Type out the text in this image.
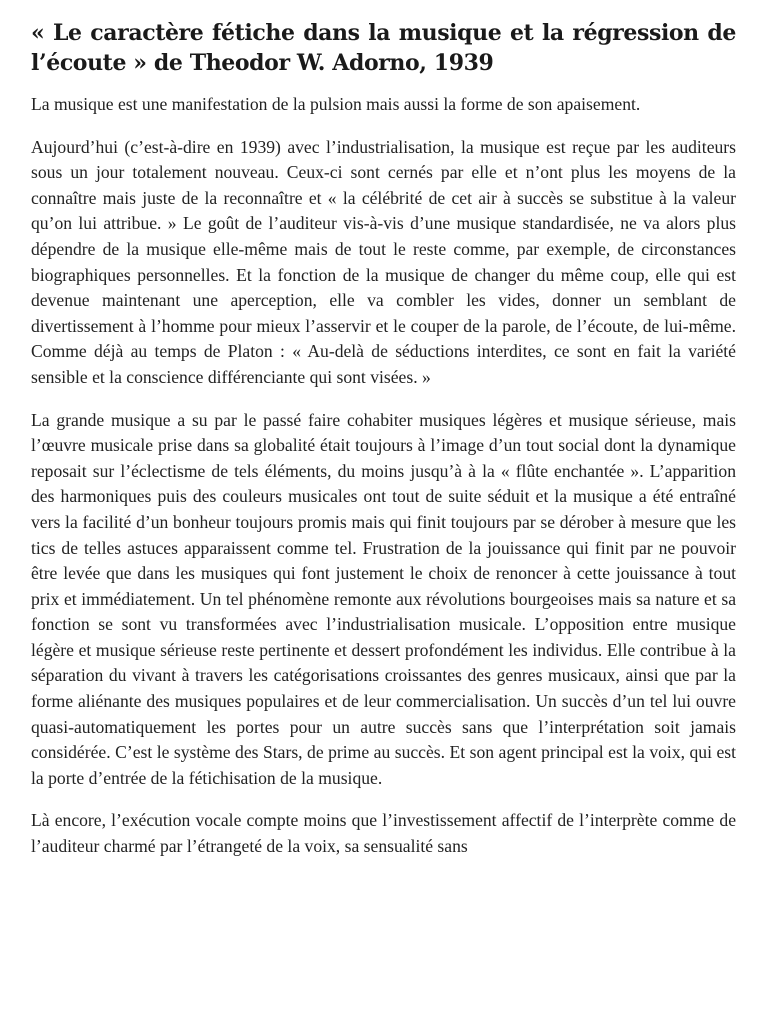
« Le caractère fétiche dans la musique et la régression de l’écoute » de Theodor W. Adorno, 1939

La musique est une manifestation de la pulsion mais aussi la forme de son apaisement.

Aujourd’hui (c’est-à-dire en 1939) avec l’industrialisation, la musique est reçue par les auditeurs sous un jour totalement nouveau. Ceux-ci sont cernés par elle et n’ont plus les moyens de la connaître mais juste de la reconnaître et « la célébrité de cet air à succès se substitue à la valeur qu’on lui attribue. » Le goût de l’auditeur vis-à-vis d’une musique standardisée, ne va alors plus dépendre de la musique elle-même mais de tout le reste comme, par exemple, de circonstances biographiques personnelles. Et la fonction de la musique de changer du même coup, elle qui est devenue maintenant une aperception, elle va combler les vides, donner un semblant de divertissement à l’homme pour mieux l’asservir et le couper de la parole, de l’écoute, de lui-même. Comme déjà au temps de Platon : « Au-delà de séductions interdites, ce sont en fait la variété sensible et la conscience différenciante qui sont visées. »

La grande musique a su par le passé faire cohabiter musiques légères et musique sérieuse, mais l’œuvre musicale prise dans sa globalité était toujours à l’image d’un tout social dont la dynamique reposait sur l’éclectisme de tels éléments, du moins jusqu’à à la « flûte enchantée ». L’apparition des harmoniques puis des couleurs musicales ont tout de suite séduit et la musique a été entraîné vers la facilité d’un bonheur toujours promis mais qui finit toujours par se dérober à mesure que les tics de telles astuces apparaissent comme tel. Frustration de la jouissance qui finit par ne pouvoir être levée que dans les musiques qui font justement le choix de renoncer à cette jouissance à tout prix et immédiatement. Un tel phénomène remonte aux révolutions bourgeoises mais sa nature et sa fonction se sont vu transformées avec l’industrialisation musicale. L’opposition entre musique légère et musique sérieuse reste pertinente et dessert profondément les individus. Elle contribue à la séparation du vivant à travers les catégorisations croissantes des genres musicaux, ainsi que par la forme aliénante des musiques populaires et de leur commercialisation. Un succès d’un tel lui ouvre quasi-automatiquement les portes pour un autre succès sans que l’interprétation soit jamais considérée. C’est le système des Stars, de prime au succès. Et son agent principal est la voix, qui est la porte d’entrée de la fétichisation de la musique.

Là encore, l’exécution vocale compte moins que l’investissement affectif de l’interprète comme de l’auditeur charmé par l’étrangeté de la voix, sa sensualité sans
